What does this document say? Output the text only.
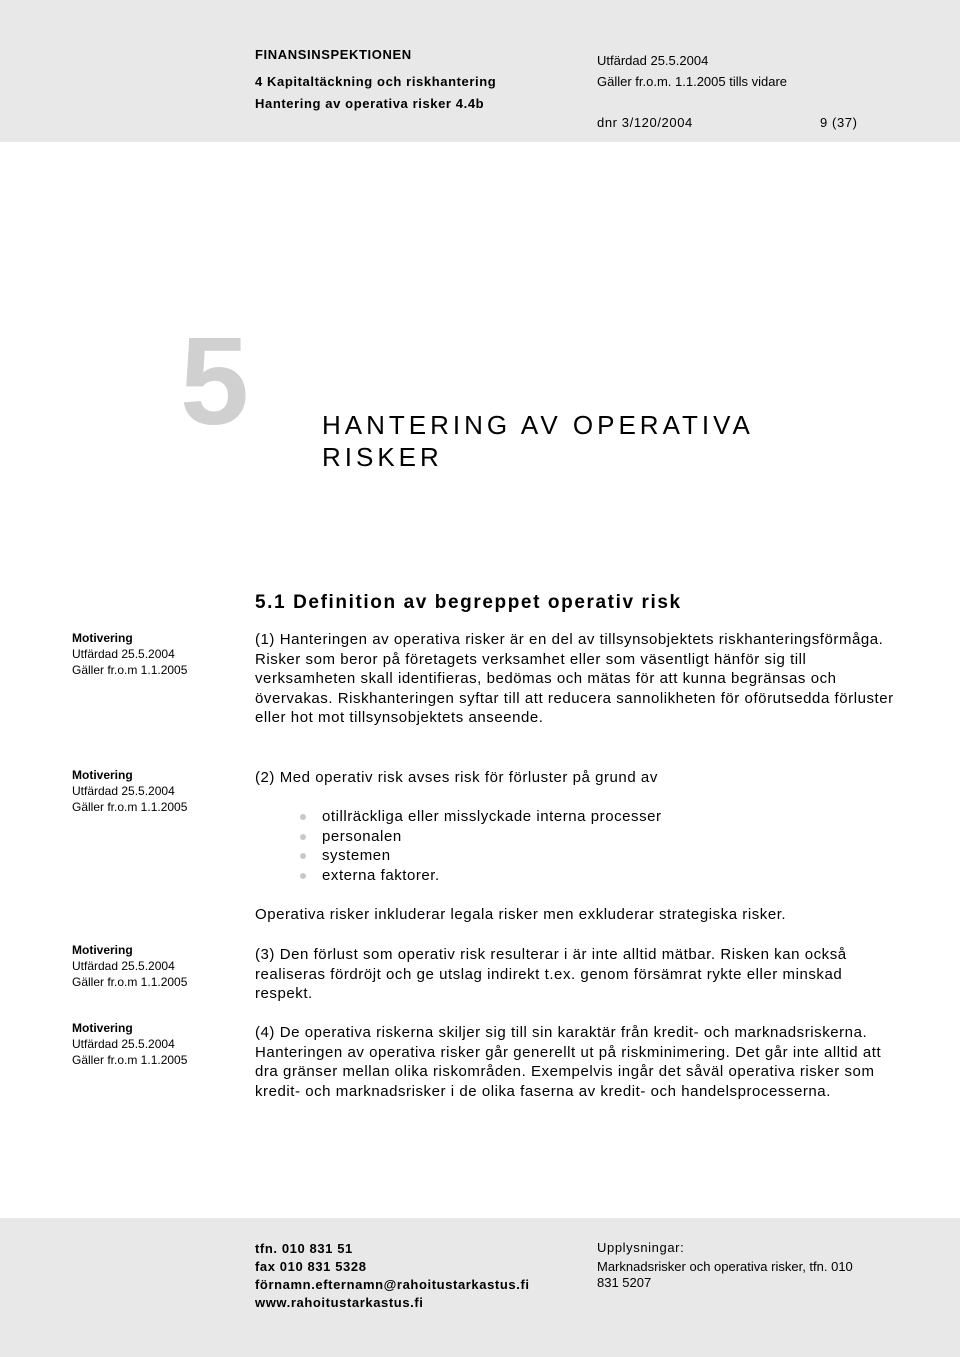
FINANSINSPEKTIONEN
4 Kapitaltäckning och riskhantering
Hantering av operativa risker 4.4b
Utfärdad 25.5.2004
Gäller fr.o.m. 1.1.2005 tills vidare
dnr 3/120/2004	9 (37)
5	HANTERING AV OPERATIVA RISKER
5.1 Definition av begreppet operativ risk
Motivering
Utfärdad 25.5.2004
Gäller fr.o.m 1.1.2005
Motivering
Utfärdad 25.5.2004
Gäller fr.o.m 1.1.2005
Motivering
Utfärdad 25.5.2004
Gäller fr.o.m 1.1.2005
Motivering
Utfärdad 25.5.2004
Gäller fr.o.m 1.1.2005
(1) Hanteringen av operativa risker är en del av tillsynsobjektets riskhanteringsförmåga. Risker som beror på företagets verksamhet eller som väsentligt hänför sig till verksamheten skall identifieras, bedömas och mätas för att kunna begränsas och övervakas. Riskhanteringen syftar till att reducera sannolikheten för oförutsedda förluster eller hot mot tillsynsobjektets anseende.
(2) Med operativ risk avses risk för förluster på grund av
otillräckliga eller misslyckade interna processer
personalen
systemen
externa faktorer.
Operativa risker inkluderar legala risker men exkluderar strategiska risker.
(3) Den förlust som operativ risk resulterar i är inte alltid mätbar. Risken kan också realiseras fördröjt och ge utslag indirekt t.ex. genom försämrat rykte eller minskad respekt.
(4) De operativa riskerna skiljer sig till sin karaktär från kredit- och marknadsriskerna. Hanteringen av operativa risker går generellt ut på riskminimering. Det går inte alltid att dra gränser mellan olika riskområden. Exempelvis ingår det såväl operativa risker som kredit- och marknadsrisker i de olika faserna av kredit- och handelsprocesserna.
tfn. 010 831 51
fax 010 831 5328
förnamn.efternamn@rahoitustarkastus.fi
www.rahoitustarkastus.fi
Upplysningar:
Marknadsrisker och operativa risker, tfn. 010
831 5207
